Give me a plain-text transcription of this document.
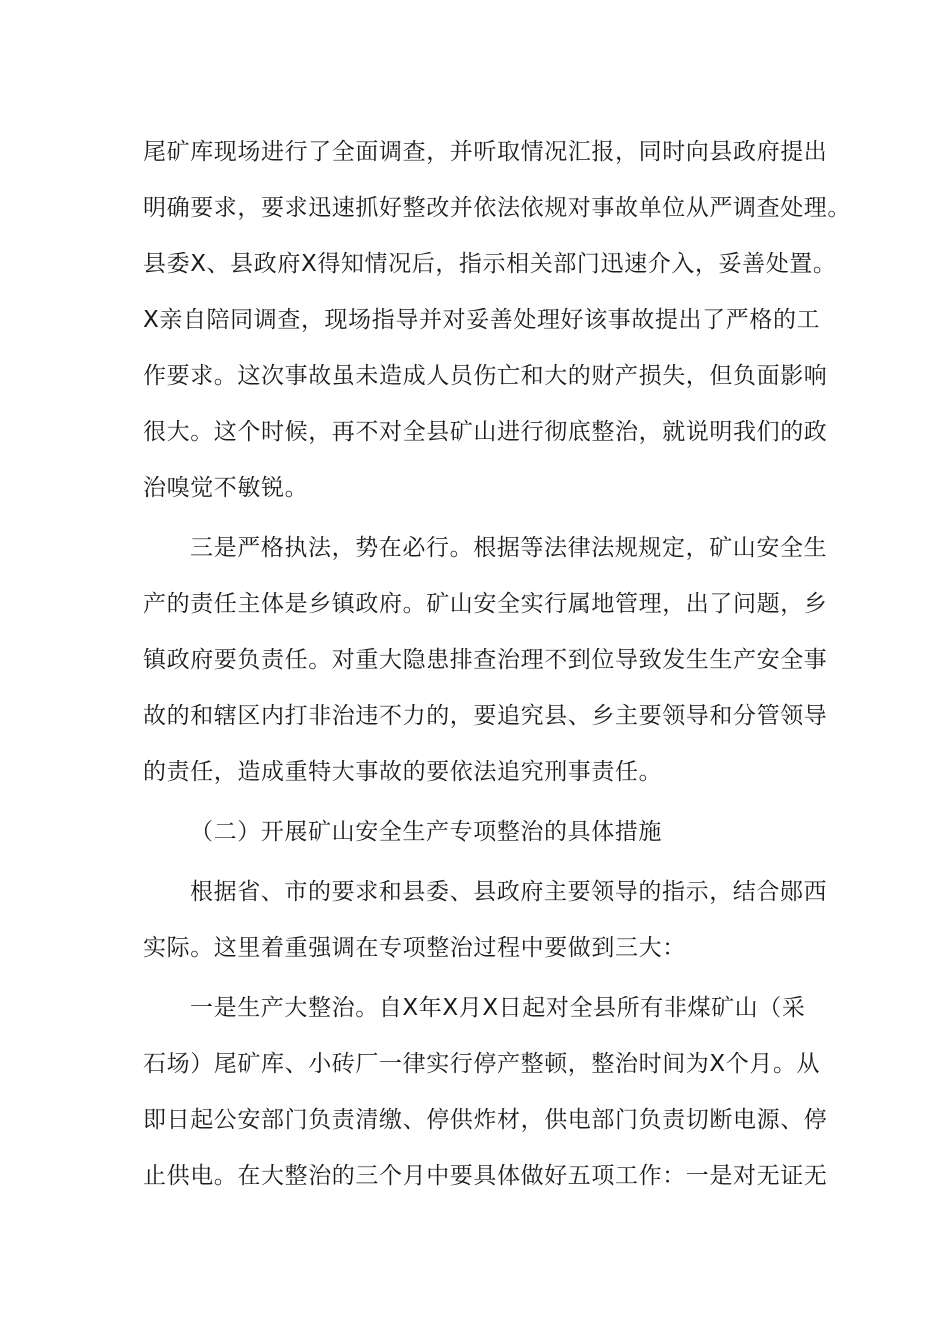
尾矿库现场进行了全面调查，并听取情况汇报，同时向县政府提出
明确要求，要求迅速抓好整改并依法依规对事故单位从严调查处理。
县委X、县政府X得知情况后，指示相关部门迅速介入，妥善处置。
X亲自陪同调查，现场指导并对妥善处理好该事故提出了严格的工
作要求。这次事故虽未造成人员伤亡和大的财产损失，但负面影响
很大。这个时候，再不对全县矿山进行彻底整治，就说明我们的政
治嗅觉不敏锐。
三是严格执法，势在必行。根据等法律法规规定，矿山安全生
产的责任主体是乡镇政府。矿山安全实行属地管理，出了问题，乡
镇政府要负责任。对重大隐患排查治理不到位导致发生生产安全事
故的和辖区内打非治违不力的，要追究县、乡主要领导和分管领导
的责任，造成重特大事故的要依法追究刑事责任。
（二）开展矿山安全生产专项整治的具体措施
根据省、市的要求和县委、县政府主要领导的指示，结合郧西
实际。这里着重强调在专项整治过程中要做到三大：
一是生产大整治。自X年X月X日起对全县所有非煤矿山（采
石场）尾矿库、小砖厂一律实行停产整顿，整治时间为X个月。从
即日起公安部门负责清缴、停供炸材，供电部门负责切断电源、停
止供电。在大整治的三个月中要具体做好五项工作：一是对无证无
